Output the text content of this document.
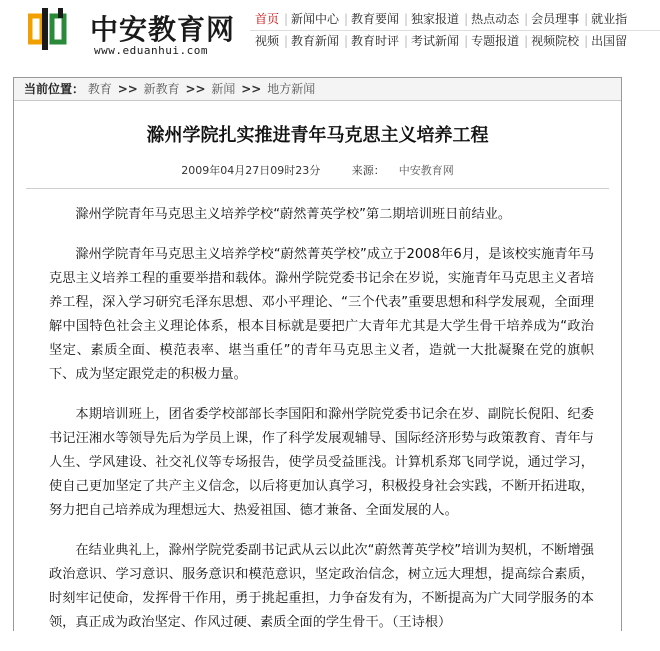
中安教育网
www.eduanhui.com
首页 | 新闻中心 | 教育要闻 | 独家报道 | 热点动态 | 会员理事 | 就业指
视频 | 教育新闻 | 教育时评 | 考试新闻 | 专题报道 | 视频院校 | 出国留
当前位置： 教育 >> 新教育 >> 新闻 >> 地方新闻
滁州学院扎实推进青年马克思主义培养工程
2009年04月27日09时23分	来源： 中安教育网

滁州学院青年马克思主义培养学校“蔚然菁英学校”第二期培训班日前结业。

滁州学院青年马克思主义培养学校“蔚然菁英学校”成立于2008年6月，是该校实施青年马克思主义培养工程的重要举措和载体。滁州学院党委书记余在岁说，实施青年马克思主义者培养工程，深入学习研究毛泽东思想、邓小平理论、“三个代表”重要思想和科学发展观，全面理解中国特色社会主义理论体系，根本目标就是要把广大青年尤其是大学生骨干培养成为“政治坚定、素质全面、模范表率、堪当重任”的青年马克思主义者，造就一大批凝聚在党的旗帜下、成为坚定跟党走的积极力量。

本期培训班上，团省委学校部部长李国阳和滁州学院党委书记余在岁、副院长倪阳、纪委书记汪湘水等领导先后为学员上课，作了科学发展观辅导、国际经济形势与政策教育、青年与人生、学风建设、社交礼仪等专场报告，使学员受益匪浅。计算机系郑飞同学说，通过学习，使自己更加坚定了共产主义信念，以后将更加认真学习，积极投身社会实践，不断开拓进取，努力把自己培养成为理想远大、热爱祖国、德才兼备、全面发展的人。

在结业典礼上，滁州学院党委副书记武从云以此次“蔚然菁英学校”培训为契机，不断增强政治意识、学习意识、服务意识和模范意识，坚定政治信念，树立远大理想，提高综合素质，时刻牢记使命，发挥骨干作用，勇于挑起重担，力争奋发有为，不断提高为广大同学服务的本领，真正成为政治坚定、作风过硬、素质全面的学生骨干。（王诗根）
